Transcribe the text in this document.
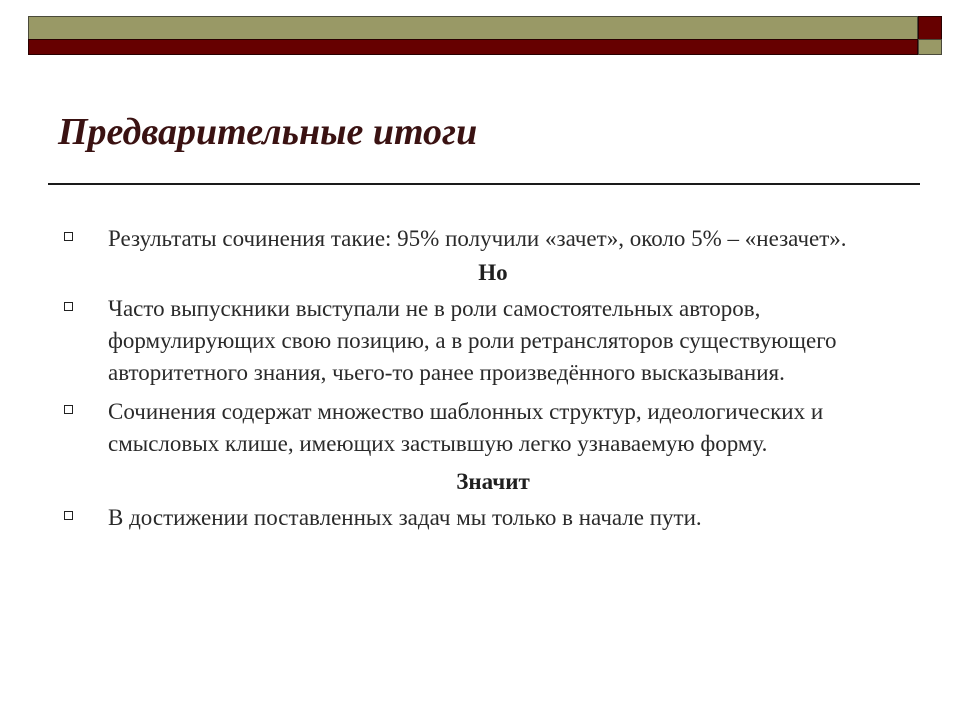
Предварительные итоги
Результаты сочинения такие: 95% получили «зачет», около 5% – «незачет».
Но
Часто выпускники выступали не в роли самостоятельных авторов, формулирующих свою позицию, а в роли ретрансляторов существующего авторитетного знания, чьего-то ранее произведённого высказывания.
Сочинения содержат множество шаблонных структур, идеологических и смысловых клише, имеющих застывшую легко узнаваемую форму.
Значит
В достижении поставленных задач мы только в начале пути.
